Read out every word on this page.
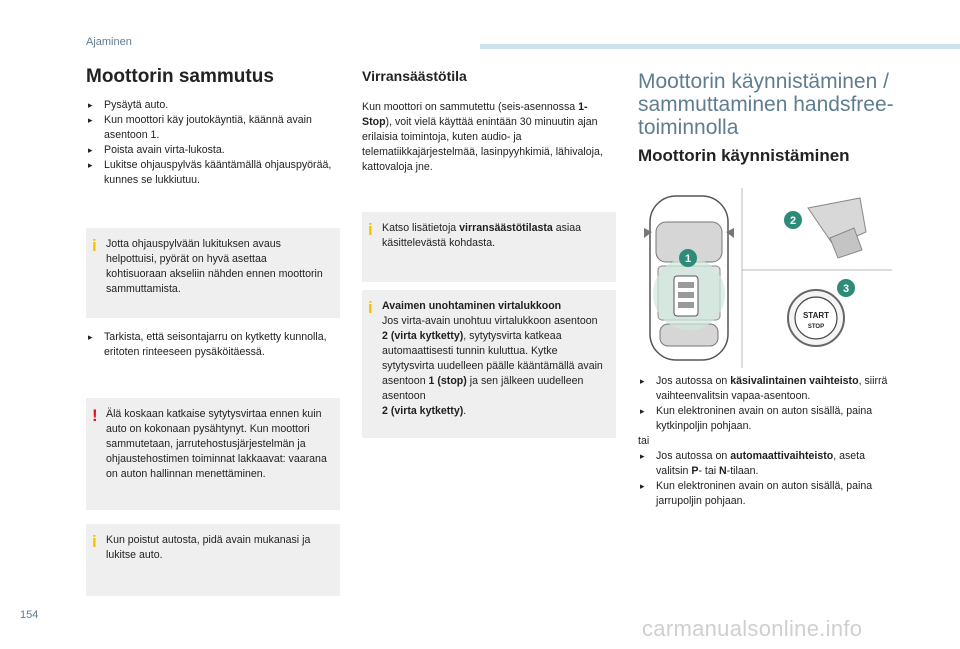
Ajaminen
Moottorin sammutus
▸ Pysäytä auto.
▸ Kun moottori käy joutokäyntiä, käännä avain asentoon 1.
▸ Poista avain virta-lukosta.
▸ Lukitse ohjauspylväs kääntämällä ohjauspyörää, kunnes se lukkiutuu.
i Jotta ohjauspylvään lukituksen avaus helpottuisi, pyörät on hyvä asettaa kohtisuoraan akseliin nähden ennen moottorin sammuttamista.
▸ Tarkista, että seisontajarru on kytketty kunnolla, eritoten rinteeseen pysäköitäessä.
! Älä koskaan katkaise sytytysvirtaa ennen kuin auto on kokonaan pysähtynyt. Kun moottori sammutetaan, jarrutehostusjärjestelmän ja ohjaustehostimen toiminnat lakkaavat: vaarana on auton hallinnan menettäminen.
i Kun poistut autosta, pidä avain mukanasi ja lukitse auto.
Virransäästötila
Kun moottori on sammutettu (seis-asennossa 1-Stop), voit vielä käyttää enintään 30 minuutin ajan erilaisia toimintoja, kuten audio- ja telematiikkajärjestelmää, lasinpyyhkimiä, lähivaloja, kattovaloja jne.
i Katso lisätietoja virransäästötilasta asiaa käsittelevästä kohdasta.
i Avaimen unohtaminen virtalukkoon
Jos virta-avain unohtuu virtalukkoon asentoon 2 (virta kytketty), sytytysvirta katkeaa automaattisesti tunnin kuluttua. Kytke sytytysvirta uudelleen päälle kääntämällä avain asentoon 1 (stop) ja sen jälkeen uudelleen asentoon
2 (virta kytketty).
Moottorin käynnistäminen / sammuttaminen handsfree-toiminnolla
Moottorin käynnistäminen
START
STOP
1
2
3
▸ Jos autossa on käsivalintainen vaihteisto, siirrä vaihteenvalitsin vapaa-asentoon.
▸ Kun elektroninen avain on auton sisällä, paina kytkinpoljin pohjaan.
tai
▸ Jos autossa on automaattivaihteisto, aseta valitsin P- tai N-tilaan.
▸ Kun elektroninen avain on auton sisällä, paina jarrupoljin pohjaan.
154
carmanualsonline.info
